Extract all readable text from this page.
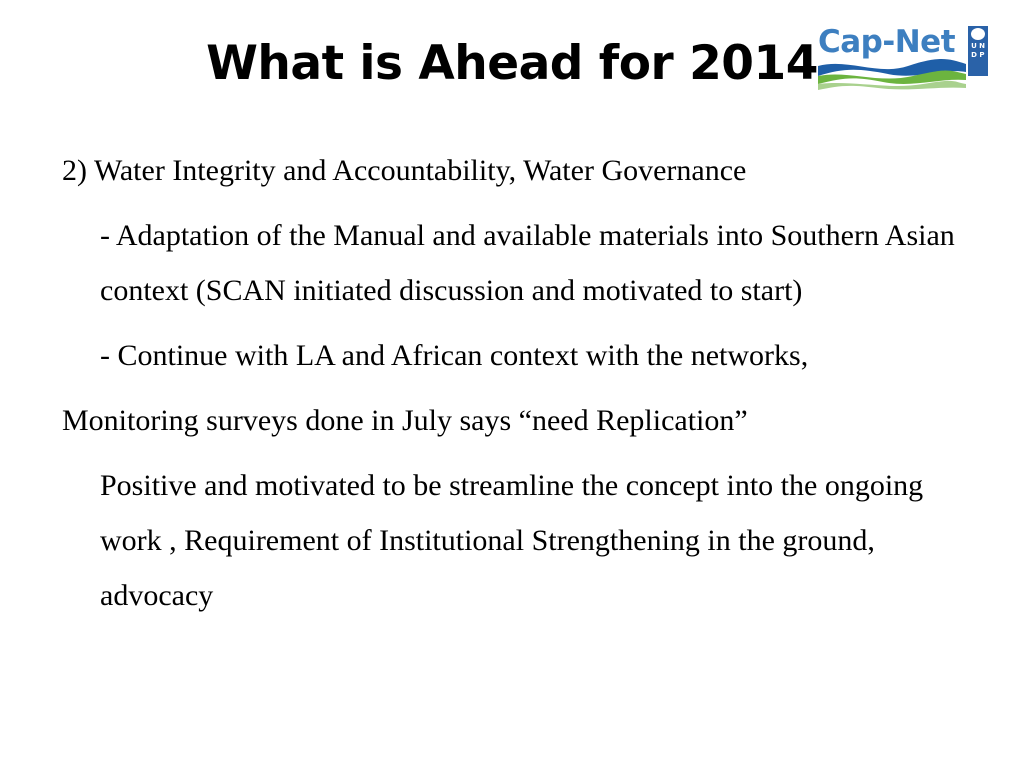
What is Ahead for 2014 Cap-Net U N
D P

2) Water Integrity and Accountability, Water Governance

- Adaptation of the Manual and available materials into Southern Asian context (SCAN initiated discussion and motivated to start)

- Continue with LA and African context with the networks,

Monitoring surveys done in July says “need Replication”

Positive and motivated to be streamline the concept into the ongoing work , Requirement of Institutional Strengthening in the ground, advocacy
